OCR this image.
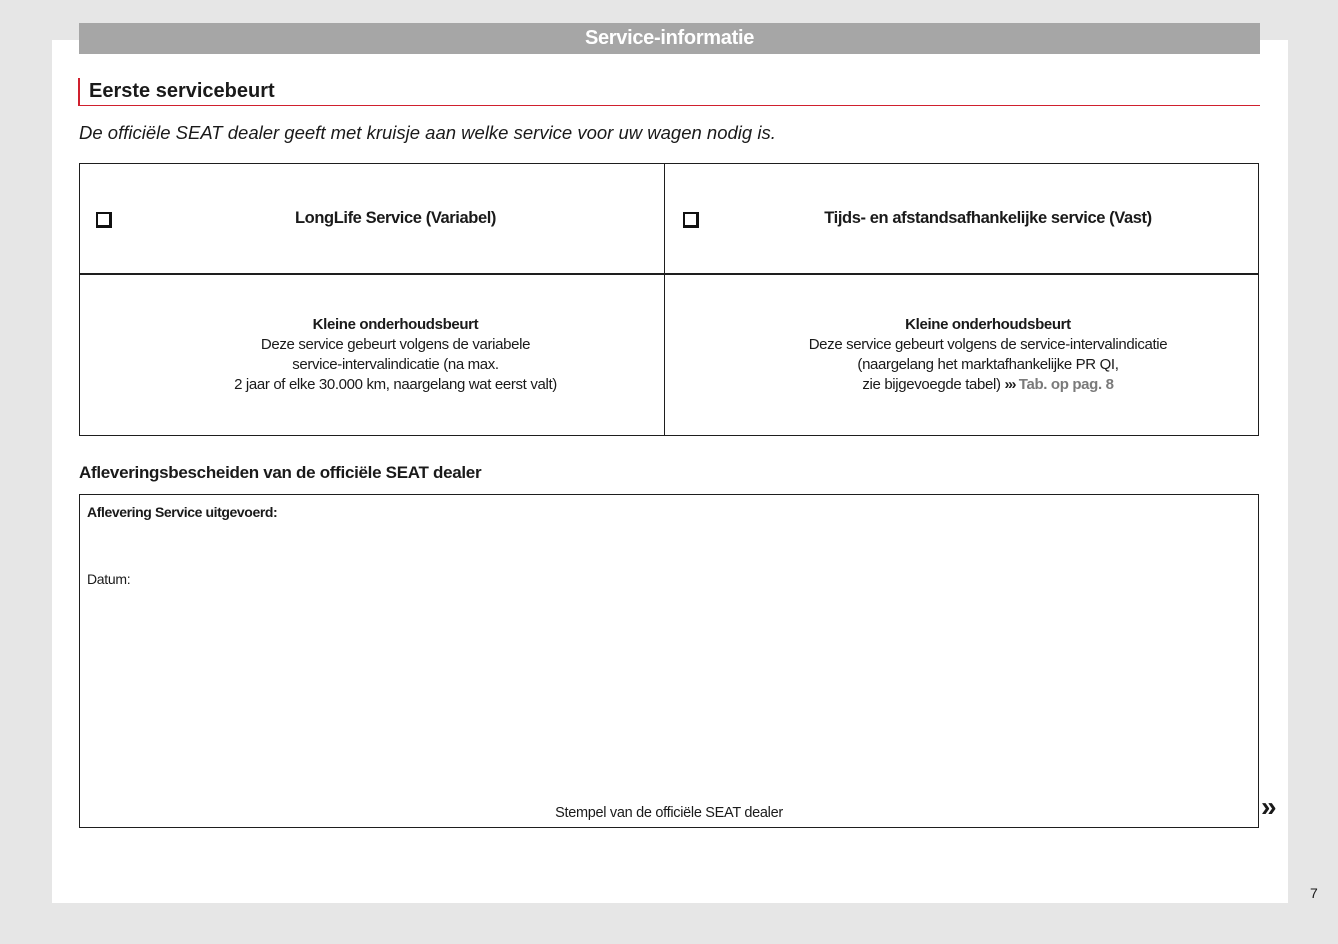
Service-informatie
Eerste servicebeurt
De officiële SEAT dealer geeft met kruisje aan welke service voor uw wagen nodig is.
LongLife Service (Variabel)	Tijds- en afstandsafhankelijke service (Vast)
Kleine onderhoudsbeurt
Deze service gebeurt volgens de variabele
service-intervalindicatie (na max.
2 jaar of elke 30.000 km, naargelang wat eerst valt)
Kleine onderhoudsbeurt
Deze service gebeurt volgens de service-intervalindicatie
(naargelang het marktafhankelijke PR QI,
zie bijgevoegde tabel) ››› Tab. op pag. 8
Afleveringsbescheiden van de officiële SEAT dealer
Aflevering Service uitgevoerd:
Datum:
Stempel van de officiële SEAT dealer	»
7
